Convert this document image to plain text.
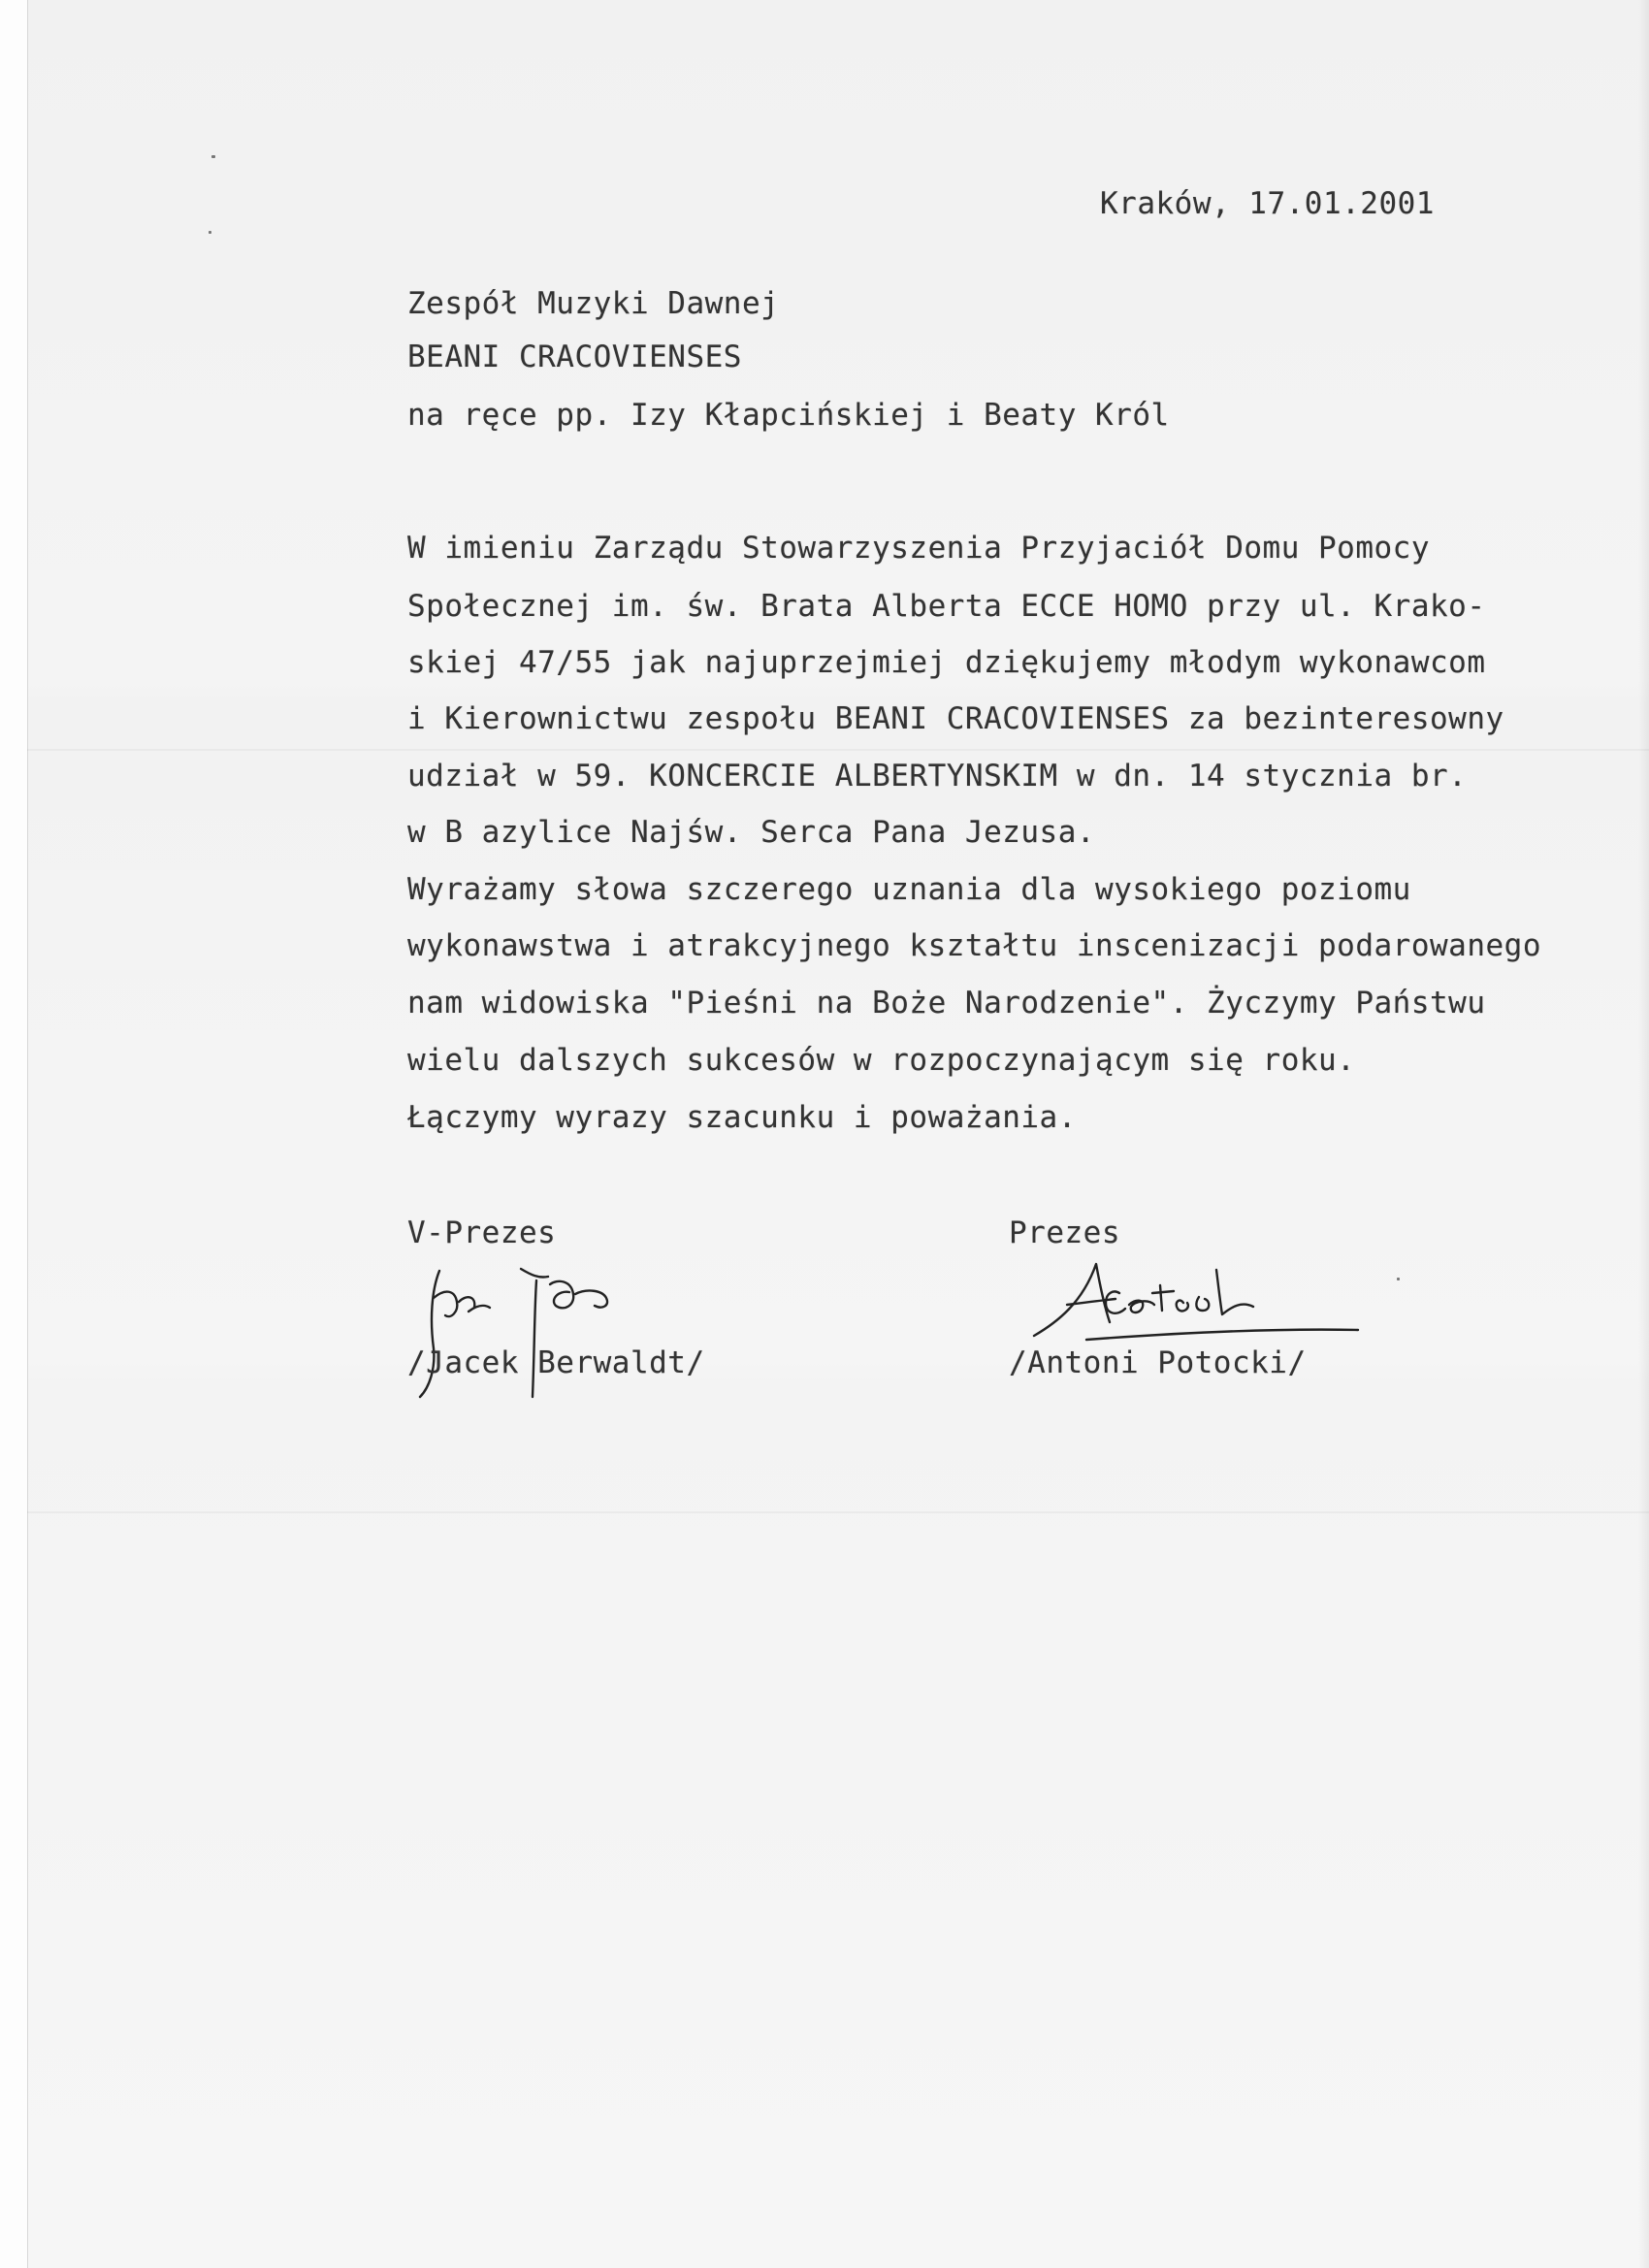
Kraków, 17.01.2001
Zespół Muzyki Dawnej
BEANI CRACOVIENSES
na ręce pp. Izy Kłapcińskiej i Beaty Król
W imieniu Zarządu Stowarzyszenia Przyjaciół Domu Pomocy
Społecznej im. św. Brata Alberta ECCE HOMO przy ul. Krako-
skiej 47/55 jak najuprzejmiej dziękujemy młodym wykonawcom
i Kierownictwu zespołu BEANI CRACOVIENSES za bezinteresowny
udział w 59. KONCERCIE ALBERTYNSKIM w dn. 14 stycznia br.
w B azylice Najśw. Serca Pana Jezusa.
Wyrażamy słowa szczerego uznania dla wysokiego poziomu
wykonawstwa i atrakcyjnego kształtu inscenizacji podarowanego
nam widowiska "Pieśni na Boże Narodzenie". Życzymy Państwu
wielu dalszych sukcesów w rozpoczynającym się roku.
Łączymy wyrazy szacunku i poważania.
V-Prezes	Prezes
/Jacek Berwaldt/	/Antoni Potocki/
